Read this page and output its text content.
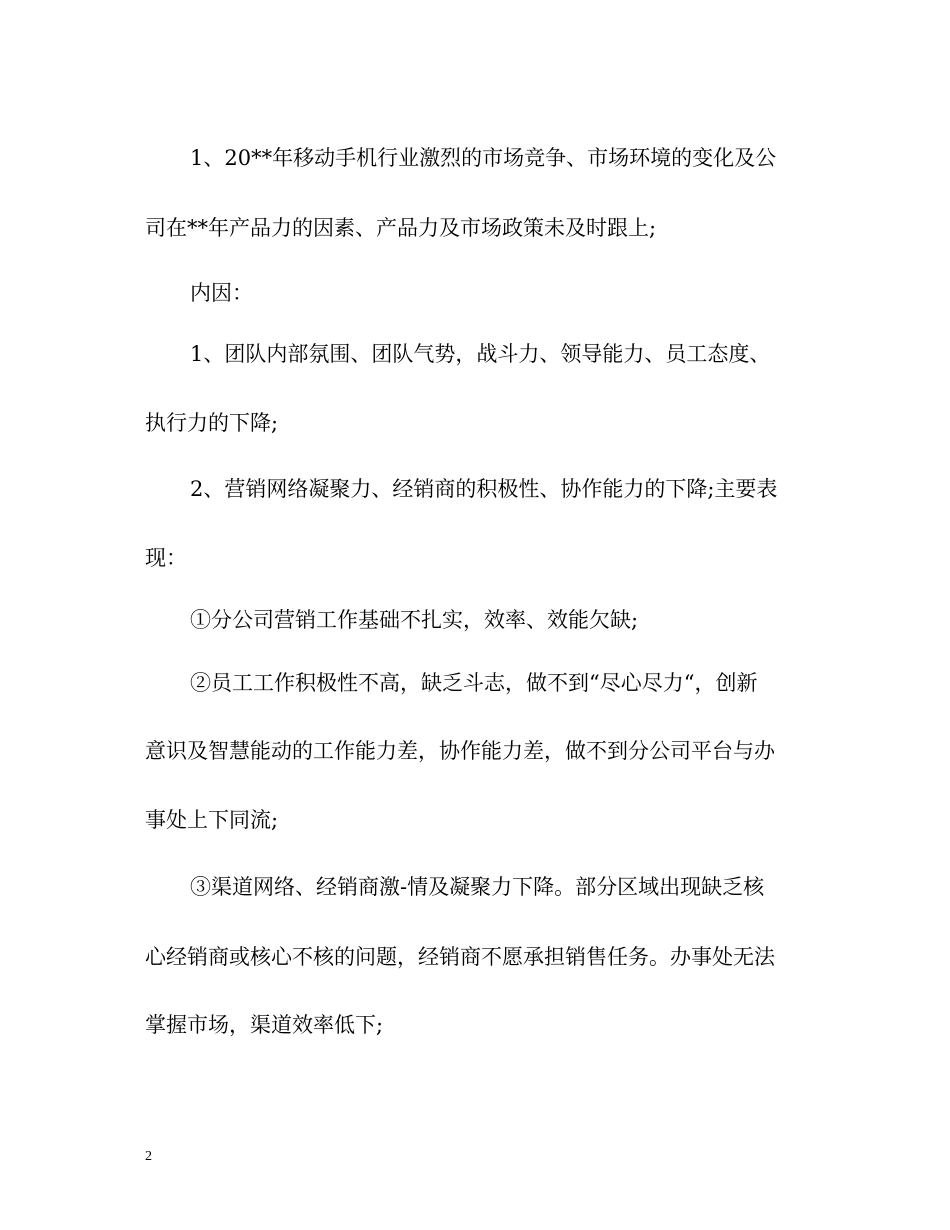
1、20**年移动手机行业激烈的市场竞争、市场环境的变化及公
司在**年产品力的因素、产品力及市场政策未及时跟上;
内因：
1、团队内部氛围、团队气势，战斗力、领导能力、员工态度、
执行力的下降;
2、营销网络凝聚力、经销商的积极性、协作能力的下降;主要表
现：
①分公司营销工作基础不扎实，效率、效能欠缺;
②员工工作积极性不高，缺乏斗志，做不到“尽心尽力“，创新
意识及智慧能动的工作能力差，协作能力差，做不到分公司平台与办
事处上下同流;
③渠道网络、经销商激-情及凝聚力下降。部分区域出现缺乏核
心经销商或核心不核的问题，经销商不愿承担销售任务。办事处无法
掌握市场，渠道效率低下;
2
